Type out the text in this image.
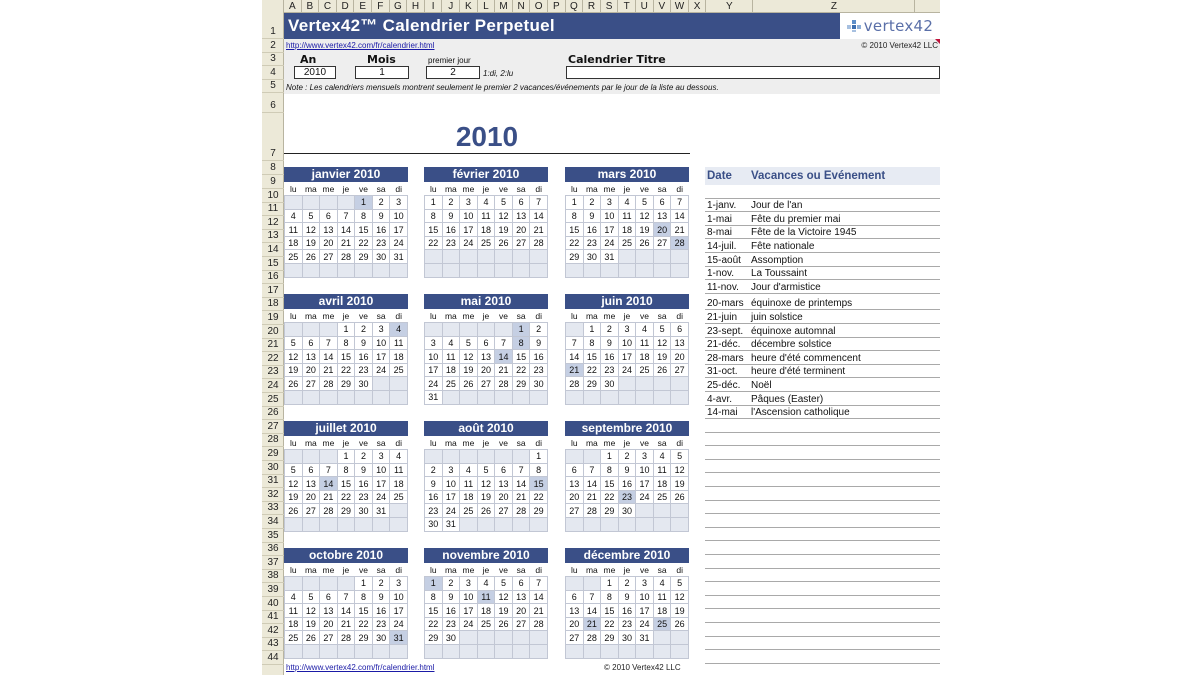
A	B	C	D	E	F	G	H	I	J	K	L	M N	O	P	Q	R	S	T	U	V W X	Y	Z
1
2
3
4
5
6
7
8
9
10
11
12
13
14
15
16
17
18
19
20
21
22
23
24
25
26
27
28
29
30
31
32
33
34
35
36
37
38
39
40
41
42
43
44
Vertex42™ Calendrier Perpetuel	vertex42
http://www.vertex42.com/fr/calendrier.html	© 2010 Vertex42 LLC
An
2010
Mois
1
premier jour
2	1:di, 2:lu
Calendrier Titre
Note : Les calendriers mensuels montrent seulement le premier 2 vacances/événements par le jour de la liste au dessous.
2010
janvier 2010
lu	ma	me	je	ve	sa	di
				1	2	3
4	5	6	7	8	9	10
11	12	13	14	15	16	17
18	19	20	21	22	23	24
25	26	27	28	29	30	31

février 2010
lu	ma	me	je	ve	sa	di
1	2	3	4	5	6	7
8	9	10	11	12	13	14
15	16	17	18	19	20	21
22	23	24	25	26	27	28

mars 2010
lu	ma	me	je	ve	sa	di
1	2	3	4	5	6	7
8	9	10	11	12	13	14
15	16	17	18	19	20	21
22	23	24	25	26	27	28
29	30	31				

avril 2010
lu	ma	me	je	ve	sa	di
			1	2	3	4
5	6	7	8	9	10	11
12	13	14	15	16	17	18
19	20	21	22	23	24	25
26	27	28	29	30		

mai 2010
lu	ma	me	je	ve	sa	di
					1	2
3	4	5	6	7	8	9
10	11	12	13	14	15	16
17	18	19	20	21	22	23
24	25	26	27	28	29	30
31						
juin 2010
lu	ma	me	je	ve	sa	di
	1	2	3	4	5	6
7	8	9	10	11	12	13
14	15	16	17	18	19	20
21	22	23	24	25	26	27
28	29	30				

juillet 2010
lu	ma	me	je	ve	sa	di
			1	2	3	4
5	6	7	8	9	10	11
12	13	14	15	16	17	18
19	20	21	22	23	24	25
26	27	28	29	30	31	

août 2010
lu	ma	me	je	ve	sa	di
						1
2	3	4	5	6	7	8
9	10	11	12	13	14	15
16	17	18	19	20	21	22
23	24	25	26	27	28	29
30	31					
septembre 2010
lu	ma	me	je	ve	sa	di
		1	2	3	4	5
6	7	8	9	10	11	12
13	14	15	16	17	18	19
20	21	22	23	24	25	26
27	28	29	30			

octobre 2010
lu	ma	me	je	ve	sa	di
				1	2	3
4	5	6	7	8	9	10
11	12	13	14	15	16	17
18	19	20	21	22	23	24
25	26	27	28	29	30	31

novembre 2010
lu	ma	me	je	ve	sa	di
1	2	3	4	5	6	7
8	9	10	11	12	13	14
15	16	17	18	19	20	21
22	23	24	25	26	27	28
29	30					

décembre 2010
lu	ma	me	je	ve	sa	di
		1	2	3	4	5
6	7	8	9	10	11	12
13	14	15	16	17	18	19
20	21	22	23	24	25	26
27	28	29	30	31		

Date	Vacances ou Evénement
1-janv.	Jour de l'an
1-mai	Fête du premier mai
8-mai	Fête de la Victoire 1945
14-juil.	Fête nationale
15-août	Assomption
1-nov.	La Toussaint
11-nov.	Jour d'armistice
20-mars équinoxe de printemps
21-juin	juin solstice
23-sept. équinoxe automnal
21-déc.	décembre solstice
28-mars heure d'été commencent
31-oct.	heure d'été terminent
25-déc.	Noël
4-avr.	Pâques (Easter)
14-mai	l'Ascension catholique
http://www.vertex42.com/fr/calendrier.html	© 2010 Vertex42 LLC
